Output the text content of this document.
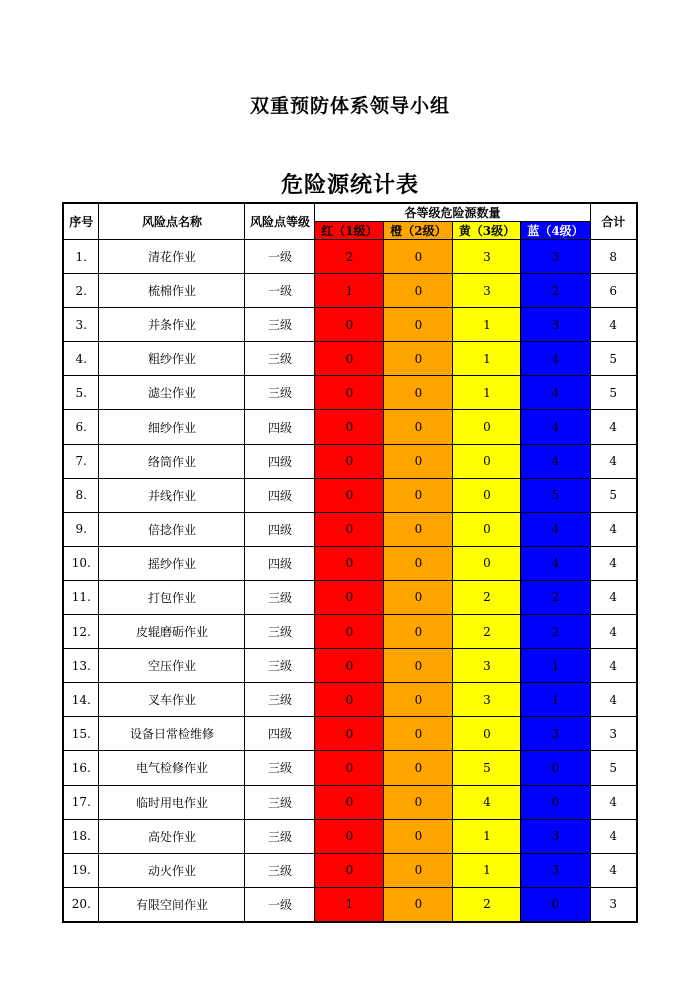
双重预防体系领导小组
危险源统计表
序号	风险点名称	风险点等级	各等级危险源数量				合计
			红（1级）	橙（2级）	黄（3级）	蓝（4级）	
1.	清花作业	一级	2	0	3	3	8
2.	梳棉作业	一级	1	0	3	2	6
3.	并条作业	三级	0	0	1	3	4
4.	粗纱作业	三级	0	0	1	4	5
5.	滤尘作业	三级	0	0	1	4	5
6.	细纱作业	四级	0	0	0	4	4
7.	络筒作业	四级	0	0	0	4	4
8.	并线作业	四级	0	0	0	5	5
9.	倍捻作业	四级	0	0	0	4	4
10.	摇纱作业	四级	0	0	0	4	4
11.	打包作业	三级	0	0	2	2	4
12.	皮辊磨砺作业	三级	0	0	2	2	4
13.	空压作业	三级	0	0	3	1	4
14.	叉车作业	三级	0	0	3	1	4
15.	设备日常检维修	四级	0	0	0	3	3
16.	电气检修作业	三级	0	0	5	0	5
17.	临时用电作业	三级	0	0	4	0	4
18.	高处作业	三级	0	0	1	3	4
19.	动火作业	三级	0	0	1	3	4
20.	有限空间作业	一级	1	0	2	0	3
